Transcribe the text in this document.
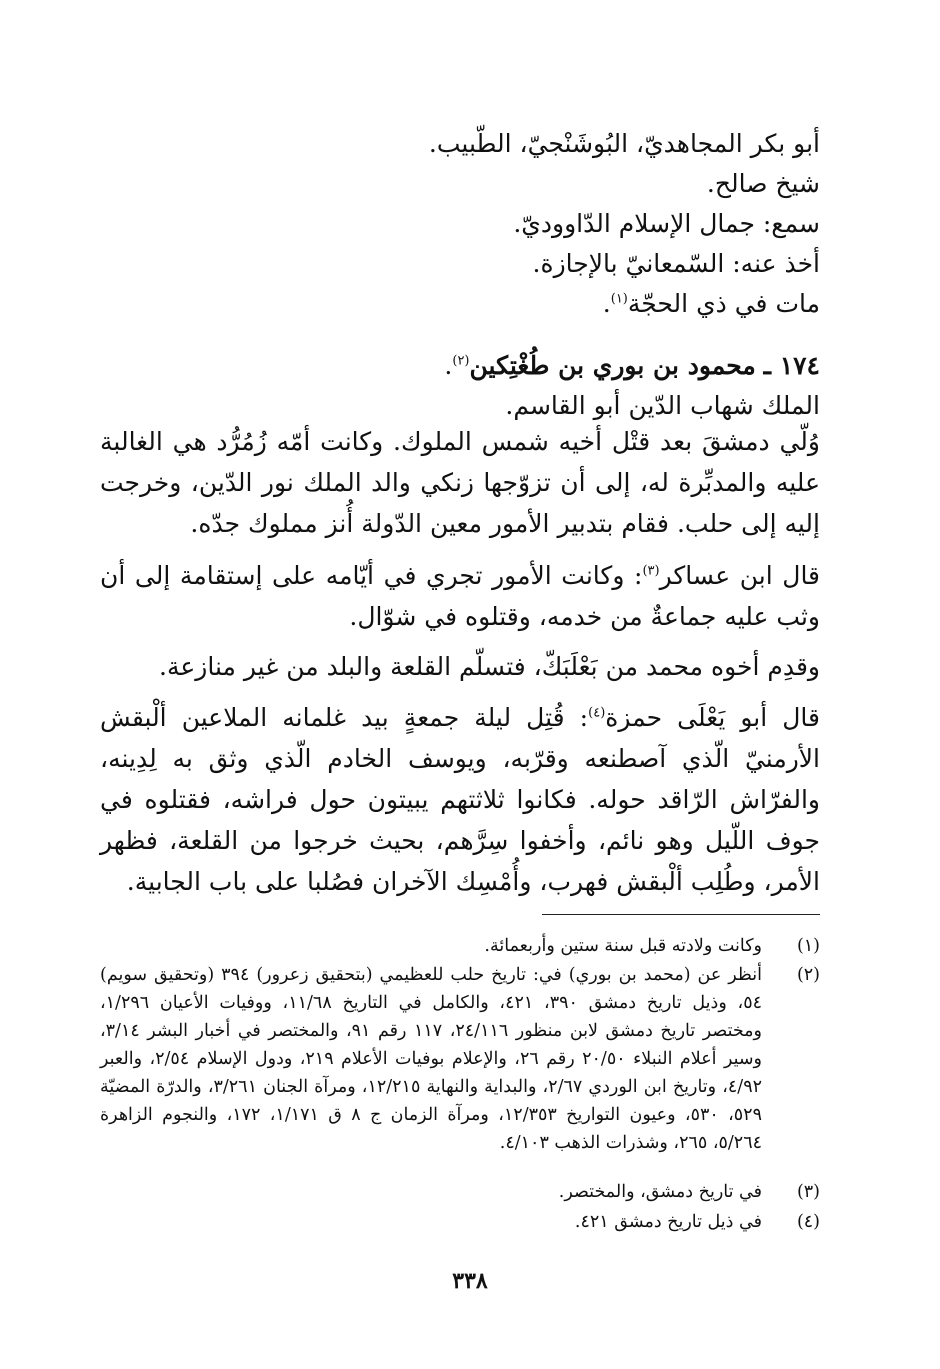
أبو بكر المجاهديّ، البُوشَنْجيّ، الطّبيب.
شيخ صالح.
سمع: جمال الإسلام الدّاووديّ.
أخذ عنه: السّمعانيّ بالإجازة.
مات في ذي الحجّة$^{(١)}$.
١٧٤ ـ محمود بن بوري بن طُغْتِكين$^{(٢)}$.
الملك شهاب الدّين أبو القاسم.
وُلّي دمشقَ بعد قتْل أخيه شمس الملوك. وكانت أمّه زُمُرُّد هي الغالبة عليه والمدبِّرة له، إلى أن تزوّجها زنكي والد الملك نور الدّين، وخرجت إليه إلى حلب. فقام بتدبير الأمور معين الدّولة أُنز مملوك جدّه.
قال ابن عساكر$^{(٣)}$: وكانت الأمور تجري في أيّامه على إستقامة إلى أن وثب عليه جماعةٌ من خدمه، وقتلوه في شوّال.
وقدِم أخوه محمد من بَعْلَبَكّ، فتسلّم القلعة والبلد من غير منازعة.
قال أبو يَعْلَى حمزة$^{(٤)}$: قُتِل ليلة جمعةٍ بيد غلمانه الملاعين ألْبقش الأرمنيّ الّذي آصطنعه وقرّبه، ويوسف الخادم الّذي وثق به لِدِينه، والفرّاش الرّاقد حوله. فكانوا ثلاثتهم يبيتون حول فراشه، فقتلوه في جوف اللّيل وهو نائم، وأخفوا سِرَّهم، بحيث خرجوا من القلعة، فظهر الأمر، وطُلِب ألْبقش فهرب، وأُمْسِك الآخران فصُلبا على باب الجابية.
(١)
وكانت ولادته قبل سنة ستين وأربعمائة.
(٢)
أنظر عن (محمد بن بوري) في: تاريخ حلب للعظيمي (بتحقيق زعرور) ٣٩٤ (وتحقيق سويم) ٥٤، وذيل تاريخ دمشق ٣٩٠، ٤٢١، والكامل في التاريخ ١١/٦٨، ووفيات الأعيان ١/٢٩٦، ومختصر تاريخ دمشق لابن منظور ٢٤/١١٦، ١١٧ رقم ٩١، والمختصر في أخبار البشر ٣/١٤، وسير أعلام النبلاء ٢٠/٥٠ رقم ٢٦، والإعلام بوفيات الأعلام ٢١٩، ودول الإسلام ٢/٥٤، والعبر ٤/٩٢، وتاريخ ابن الوردي ٢/٦٧، والبداية والنهاية ١٢/٢١٥، ومرآة الجنان ٣/٢٦١، والدرّة المضيّة ٥٢٩، ٥٣٠، وعيون التواريخ ١٢/٣٥٣، ومرآة الزمان ج ٨ ق ١/١٧١، ١٧٢، والنجوم الزاهرة ٥/٢٦٤، ٢٦٥، وشذرات الذهب ٤/١٠٣.
(٣)
في تاريخ دمشق، والمختصر.
(٤)
في ذيل تاريخ دمشق ٤٢١.
٣٣٨
